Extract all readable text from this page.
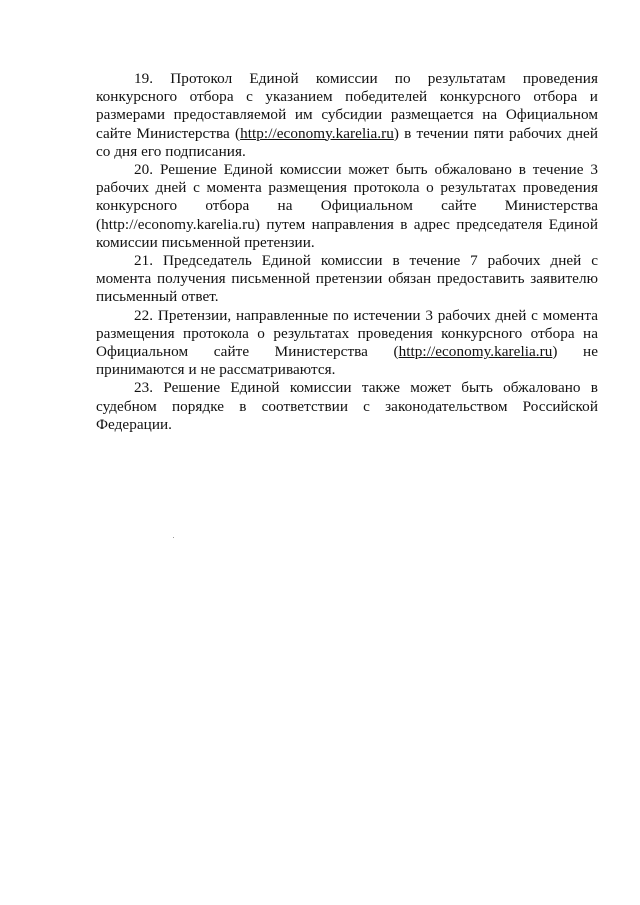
19. Протокол Единой комиссии по результатам проведения конкурсного отбора с указанием победителей конкурсного отбора и размерами предоставляемой им субсидии размещается на Официальном сайте Министерства (http://economy.karelia.ru) в течении пяти рабочих дней со дня его подписания.

20. Решение Единой комиссии может быть обжаловано в течение 3 рабочих дней с момента размещения протокола о результатах проведения конкурсного отбора на Официальном сайте Министерства (http://economy.karelia.ru) путем направления в адрес председателя Единой комиссии письменной претензии.

21. Председатель Единой комиссии в течение 7 рабочих дней с момента получения письменной претензии обязан предоставить заявителю письменный ответ.

22. Претензии, направленные по истечении 3 рабочих дней с момента размещения протокола о результатах проведения конкурсного отбора на Официальном сайте Министерства (http://economy.karelia.ru) не принимаются и не рассматриваются.

23. Решение Единой комиссии также может быть обжаловано в судебном порядке в соответствии с законодательством Российской Федерации.
